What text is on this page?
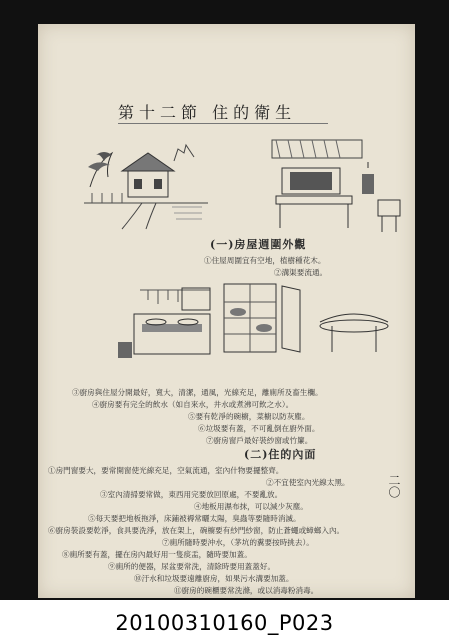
第十二節 住的衛生
(一)房屋週圍外觀
①住屋周圍宜有空地，植樹種花木。
②溝渠要流通。
③廚房與住屋分開最好，寬大，清潔，通風，光線充足，離廁所及畜生欄。
④廚房要有完全的飲水（如自來水，井水或煮沸可飲之水）。
⑤要有乾淨的碗櫥，菜櫥以防灰塵。
⑥垃圾要有蓋，不可亂倒在廚外面。
⑦廚房窗戶最好裝紗窗或竹簾。
(二)住的內面
①房門窗要大，要常開窗使光線充足，空氣流通，室內什物要擺整齊。
②不宜使室內光線太黑。
③室內清掃要常做，東西用完要放回原處，不要亂放。
④地板用濕布抹，可以減少灰塵。
⑤每天要把地板拖淨，床鋪被褥常曬太陽，臭蟲等要隨時消滅。
⑥廚房裝設要乾淨，食具要洗淨，放在架上，碗櫥要有紗門紗窗，防止蒼蠅或蟑螂入內。
⑦廁所隨時要沖水，（茅坑的糞要按時挑去）。
⑧廁所要有蓋，擺在房內最好用一隻痰盂，隨時要加蓋。
⑨廁所的便器，尿盆要常洗，清除時要用蓋蓋好。
⑩汙水和垃圾要遠離廚房，如果污水溝要加蓋。
⑪廚房的碗櫃要常洗滌，或以消毒粉消毒。
二〇
20100310160_P023
